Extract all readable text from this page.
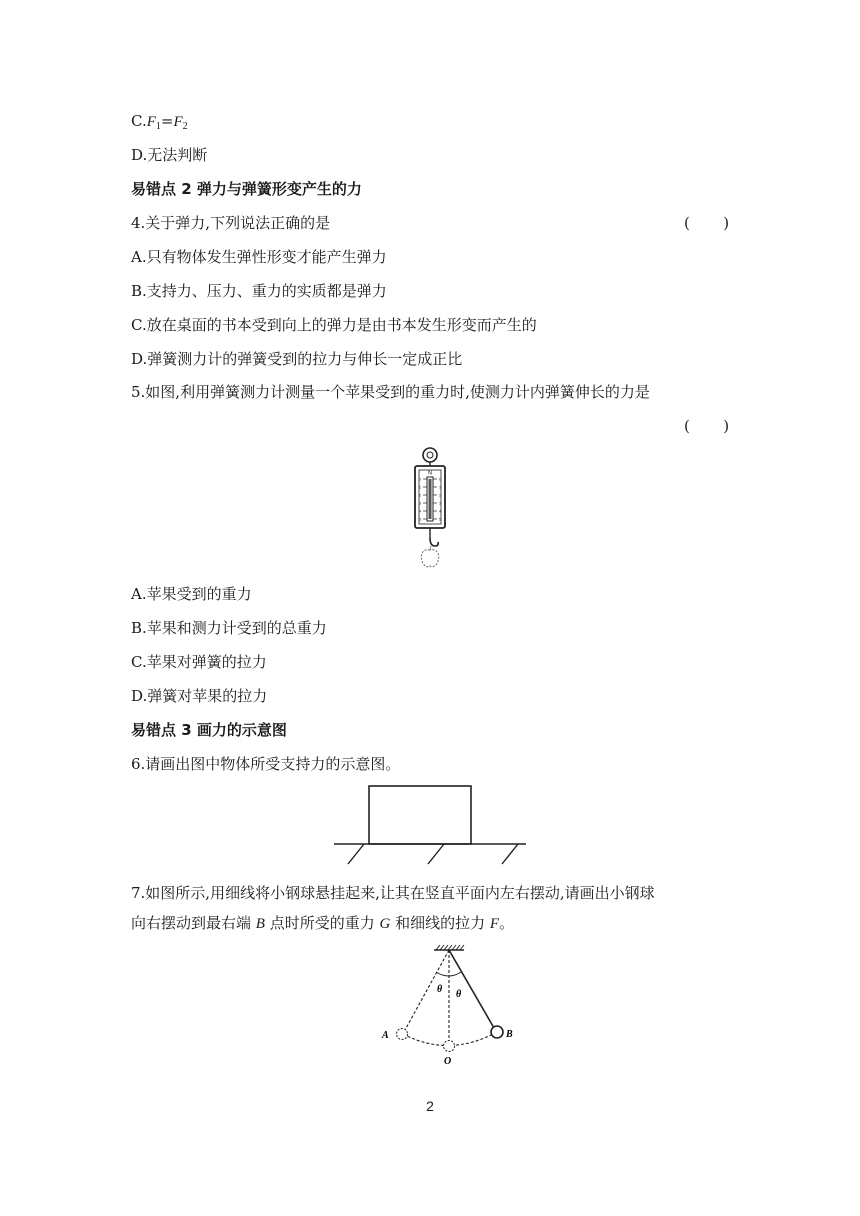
$C.F_1=F_2$
D.无法判断
易错点 2 弹力与弹簧形变产生的力
4.关于弹力,下列说法正确的是	(       )
A.只有物体发生弹性形变才能产生弹力
B.支持力、压力、重力的实质都是弹力
C.放在桌面的书本受到向上的弹力是由书本发生形变而产生的
D.弹簧测力计的弹簧受到的拉力与伸长一定成正比
5.如图,利用弹簧测力计测量一个苹果受到的重力时,使测力计内弹簧伸长的力是
(       )
N
0
1
2
3
4
5
0
1
2
3
4
5
A.苹果受到的重力
B.苹果和测力计受到的总重力
C.苹果对弹簧的拉力
D.弹簧对苹果的拉力
易错点 3 画力的示意图
6.请画出图中物体所受支持力的示意图。
7.如图所示,用细线将小钢球悬挂起来,让其在竖直平面内左右摆动,请画出小钢球
向右摆动到最右端 B 点时所受的重力 G 和细线的拉力 F。
θ θ
A	B
O
2
